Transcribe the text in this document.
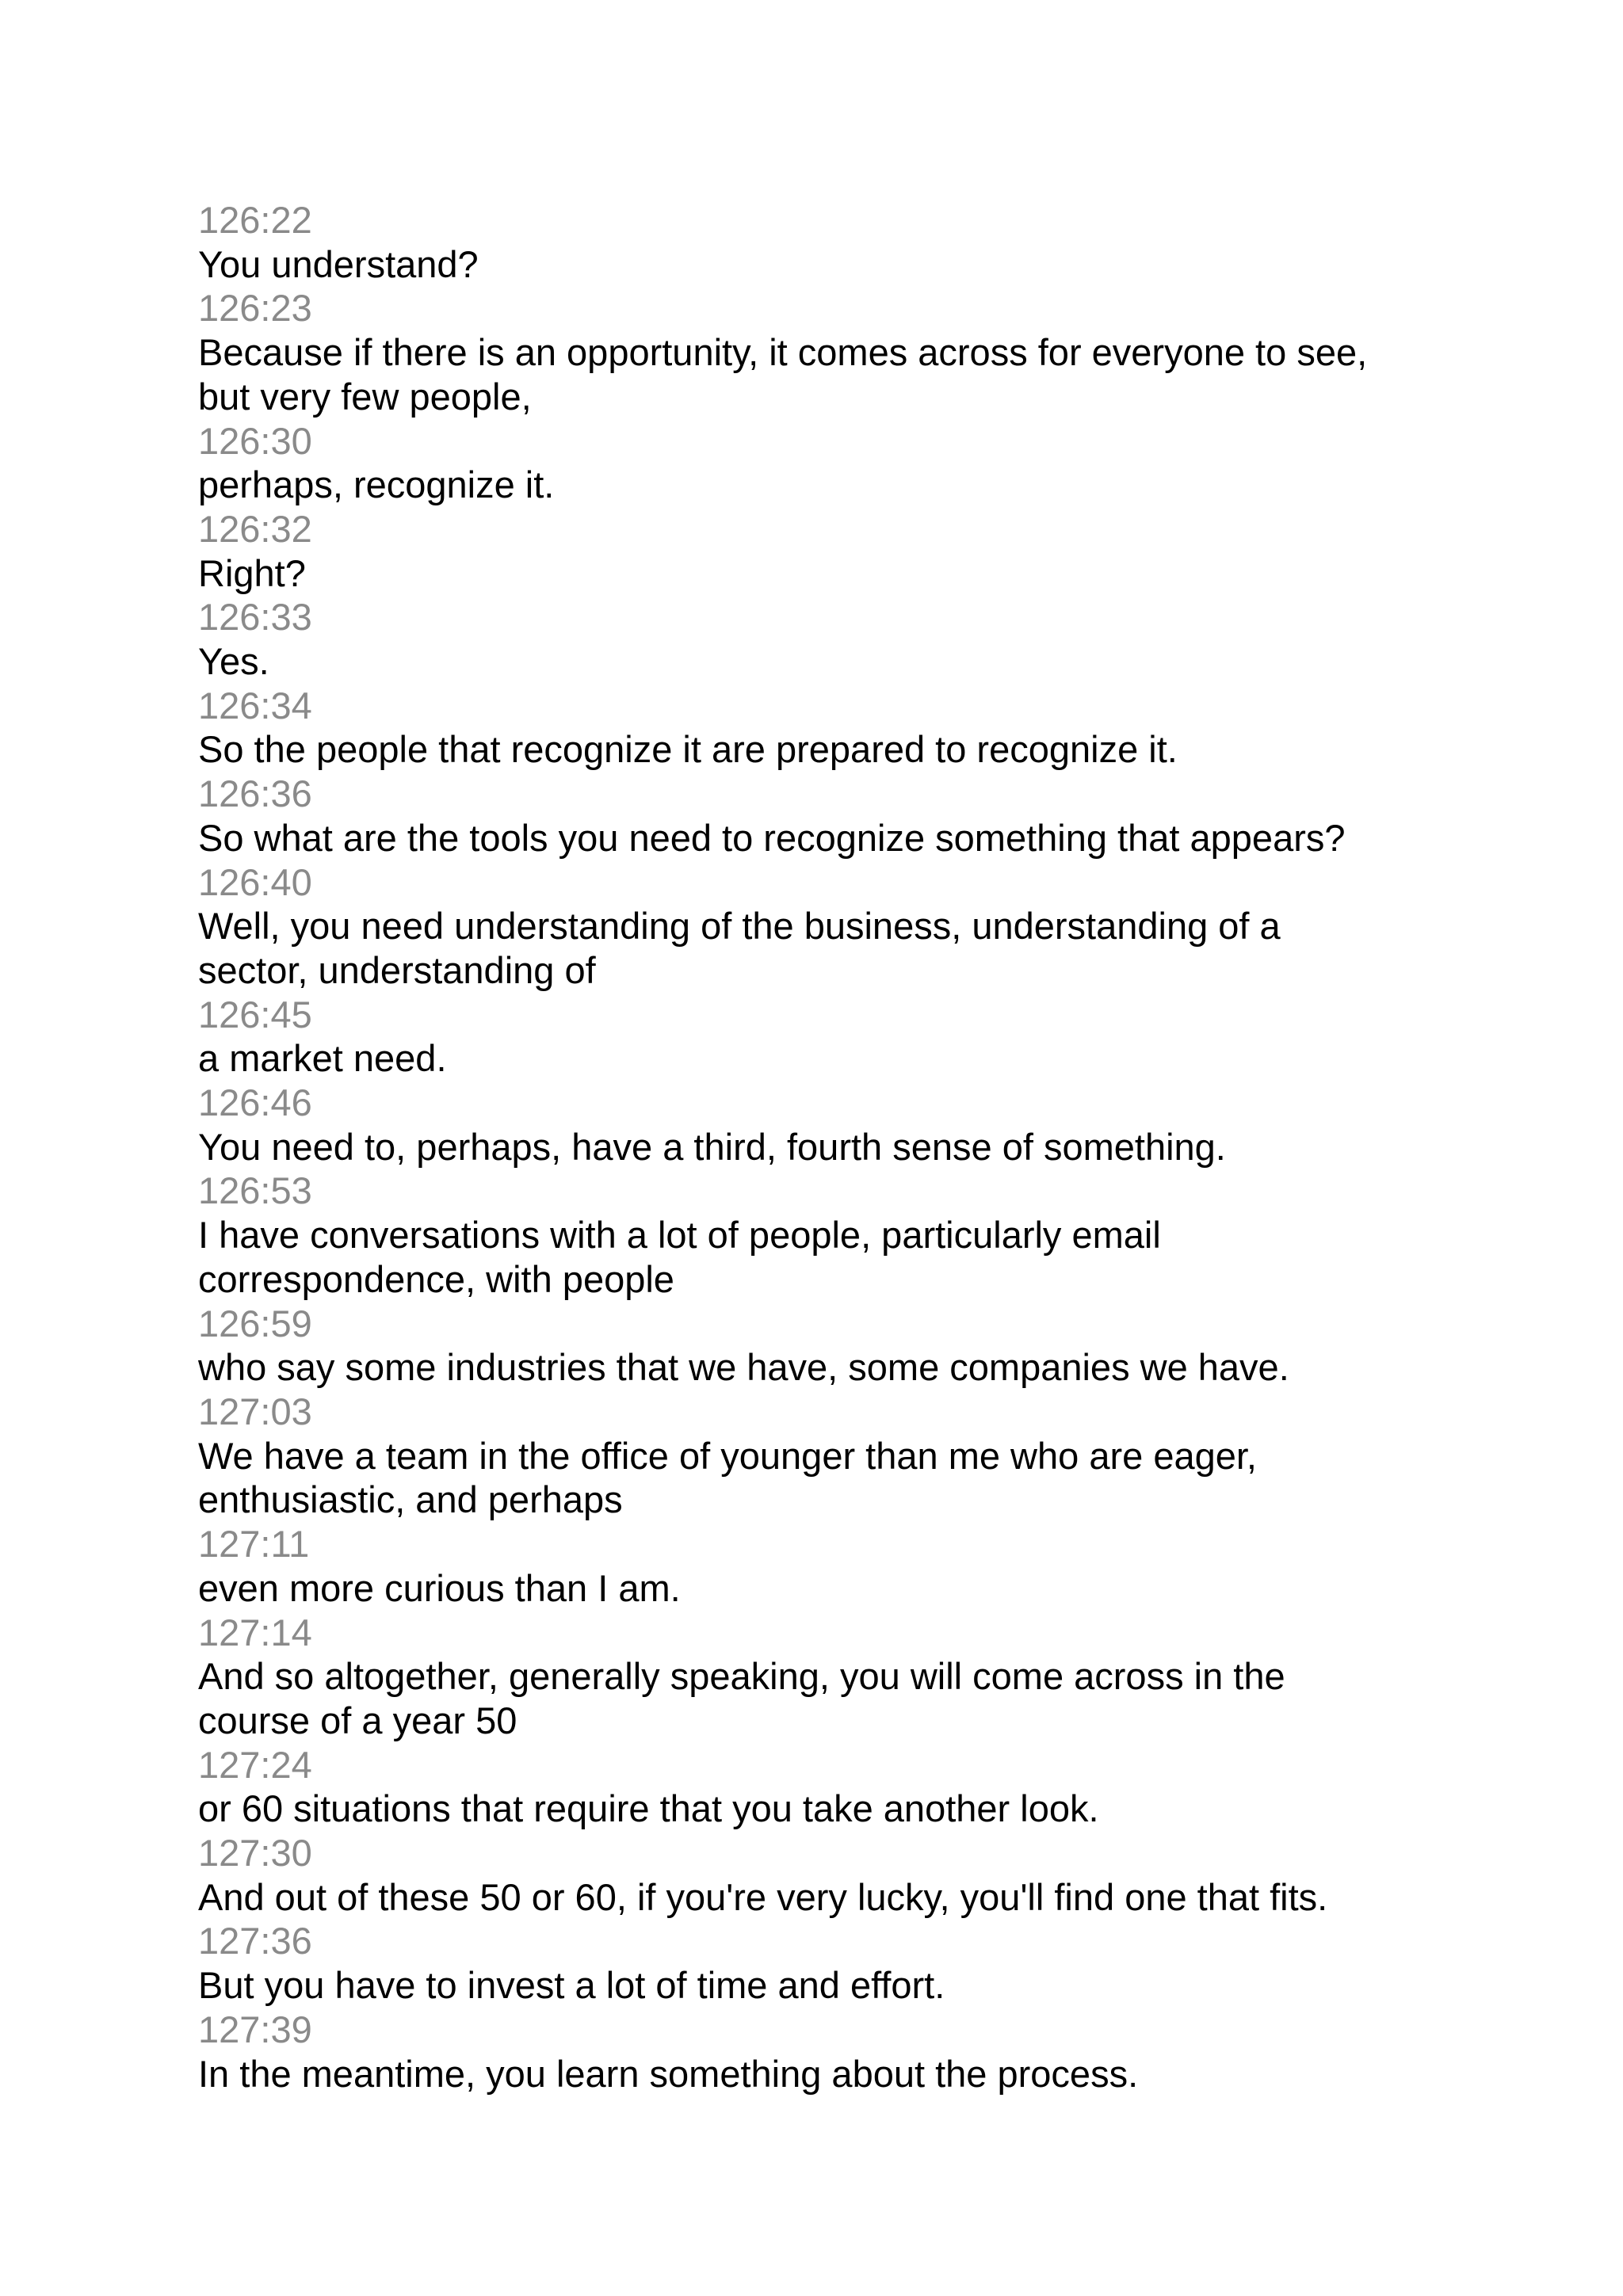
126:22
You understand?
126:23
Because if there is an opportunity, it comes across for everyone to see,
but very few people,
126:30
perhaps, recognize it.
126:32
Right?
126:33
Yes.
126:34
So the people that recognize it are prepared to recognize it.
126:36
So what are the tools you need to recognize something that appears?
126:40
Well, you need understanding of the business, understanding of a
sector, understanding of
126:45
a market need.
126:46
You need to, perhaps, have a third, fourth sense of something.
126:53
I have conversations with a lot of people, particularly email
correspondence, with people
126:59
who say some industries that we have, some companies we have.
127:03
We have a team in the office of younger than me who are eager,
enthusiastic, and perhaps
127:11
even more curious than I am.
127:14
And so altogether, generally speaking, you will come across in the
course of a year 50
127:24
or 60 situations that require that you take another look.
127:30
And out of these 50 or 60, if you're very lucky, you'll find one that fits.
127:36
But you have to invest a lot of time and effort.
127:39
In the meantime, you learn something about the process.
